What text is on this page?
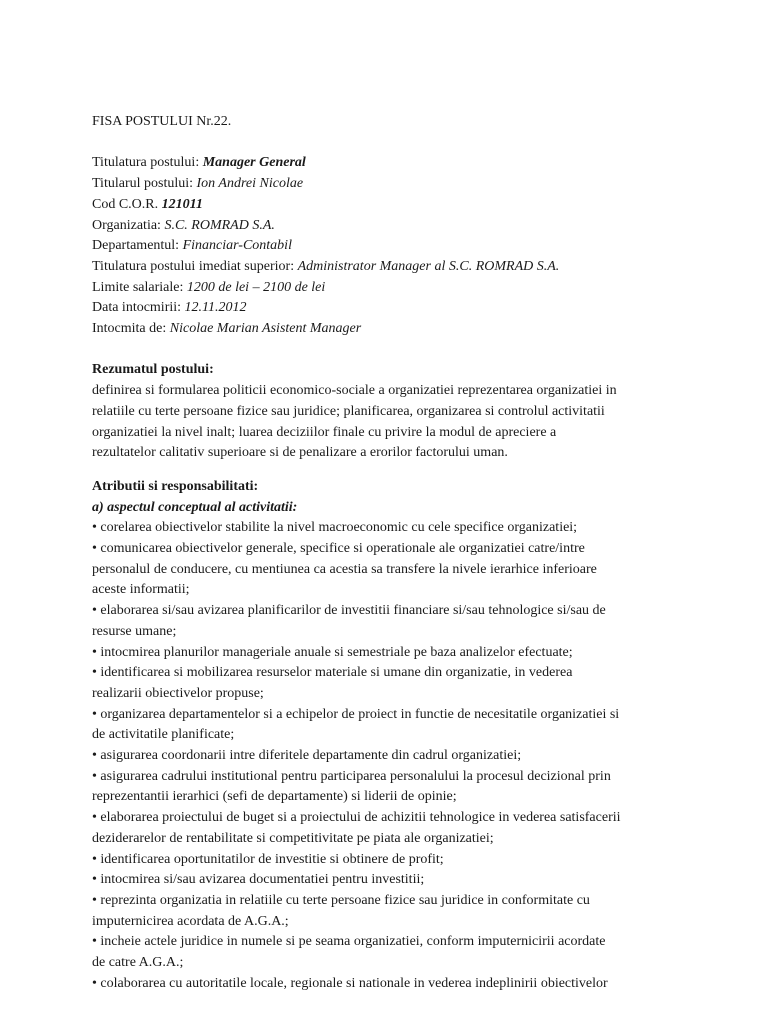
FISA POSTULUI Nr.22.
Titulatura postului: Manager General
Titularul postului: Ion Andrei Nicolae
Cod C.O.R. 121011
Organizatia: S.C. ROMRAD S.A.
Departamentul: Financiar-Contabil
Titulatura postului imediat superior: Administrator Manager al S.C. ROMRAD S.A.
Limite salariale: 1200 de lei – 2100 de lei
Data intocmirii: 12.11.2012
Intocmita de: Nicolae Marian Asistent Manager
Rezumatul postului:
definirea si formularea politicii economico-sociale a organizatiei reprezentarea organizatiei in
relatiile cu terte persoane fizice sau juridice; planificarea, organizarea si controlul activitatii
organizatiei la nivel inalt; luarea deciziilor finale cu privire la modul de apreciere a
rezultatelor calitativ superioare si de penalizare a erorilor factorului uman.
Atributii si responsabilitati:
a) aspectul conceptual al activitatii:
• corelarea obiectivelor stabilite la nivel macroeconomic cu cele specifice organizatiei;
• comunicarea obiectivelor generale, specifice si operationale ale organizatiei catre/intre
personalul de conducere, cu mentiunea ca acestia sa transfere la nivele ierarhice inferioare
aceste informatii;
• elaborarea si/sau avizarea planificarilor de investitii financiare si/sau tehnologice si/sau de
resurse umane;
• intocmirea planurilor manageriale anuale si semestriale pe baza analizelor efectuate;
• identificarea si mobilizarea resurselor materiale si umane din organizatie, in vederea
realizarii obiectivelor propuse;
• organizarea departamentelor si a echipelor de proiect in functie de necesitatile organizatiei si
de activitatile planificate;
• asigurarea coordonarii intre diferitele departamente din cadrul organizatiei;
• asigurarea cadrului institutional pentru participarea personalului la procesul decizional prin
reprezentantii ierarhici (sefi de departamente) si liderii de opinie;
• elaborarea proiectului de buget si a proiectului de achizitii tehnologice in vederea satisfacerii
deziderarelor de rentabilitate si competitivitate pe piata ale organizatiei;
• identificarea oportunitatilor de investitie si obtinere de profit;
• intocmirea si/sau avizarea documentatiei pentru investitii;
• reprezinta organizatia in relatiile cu terte persoane fizice sau juridice in conformitate cu
imputernicirea acordata de A.G.A.;
• incheie actele juridice in numele si pe seama organizatiei, conform imputernicirii acordate
de catre A.G.A.;
• colaborarea cu autoritatile locale, regionale si nationale in vederea indeplinirii obiectivelor
